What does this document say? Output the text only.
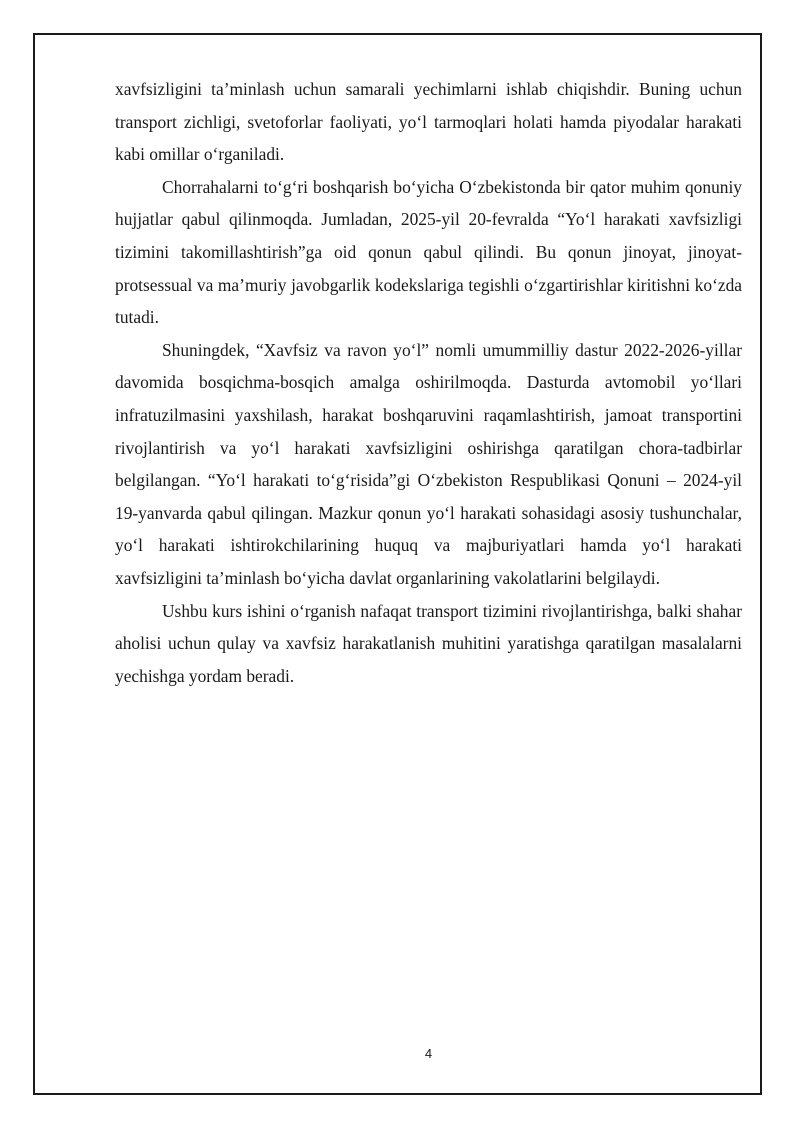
xavfsizligini ta’minlash uchun samarali yechimlarni ishlab chiqishdir. Buning uchun transport zichligi, svetoforlar faoliyati, yoʻl tarmoqlari holati hamda piyodalar harakati kabi omillar oʻrganiladi.

Chorrahalarni toʻgʻri boshqarish boʻyicha Oʻzbekistonda bir qator muhim qonuniy hujjatlar qabul qilinmoqda. Jumladan, 2025-yil 20-fevralda “Yoʻl harakati xavfsizligi tizimini takomillashtirish”ga oid qonun qabul qilindi. Bu qonun jinoyat, jinoyat-protsessual va ma’muriy javobgarlik kodekslariga tegishli oʻzgartirishlar kiritishni koʻzda tutadi.

Shuningdek, “Xavfsiz va ravon yoʻl” nomli umummilliy dastur 2022-2026-yillar davomida bosqichma-bosqich amalga oshirilmoqda. Dasturda avtomobil yoʻllari infratuzilmasini yaxshilash, harakat boshqaruvini raqamlashtirish, jamoat transportini rivojlantirish va yoʻl harakati xavfsizligini oshirishga qaratilgan chora-tadbirlar belgilangan. “Yoʻl harakati toʻgʻrisida”gi Oʻzbekiston Respublikasi Qonuni – 2024-yil 19-yanvarda qabul qilingan. Mazkur qonun yoʻl harakati sohasidagi asosiy tushunchalar, yoʻl harakati ishtirokchilarining huquq va majburiyatlari hamda yoʻl harakati xavfsizligini ta’minlash boʻyicha davlat organlarining vakolatlarini belgilaydi.

Ushbu kurs ishini oʻrganish nafaqat transport tizimini rivojlantirishga, balki shahar aholisi uchun qulay va xavfsiz harakatlanish muhitini yaratishga qaratilgan masalalarni yechishga yordam beradi.

4
